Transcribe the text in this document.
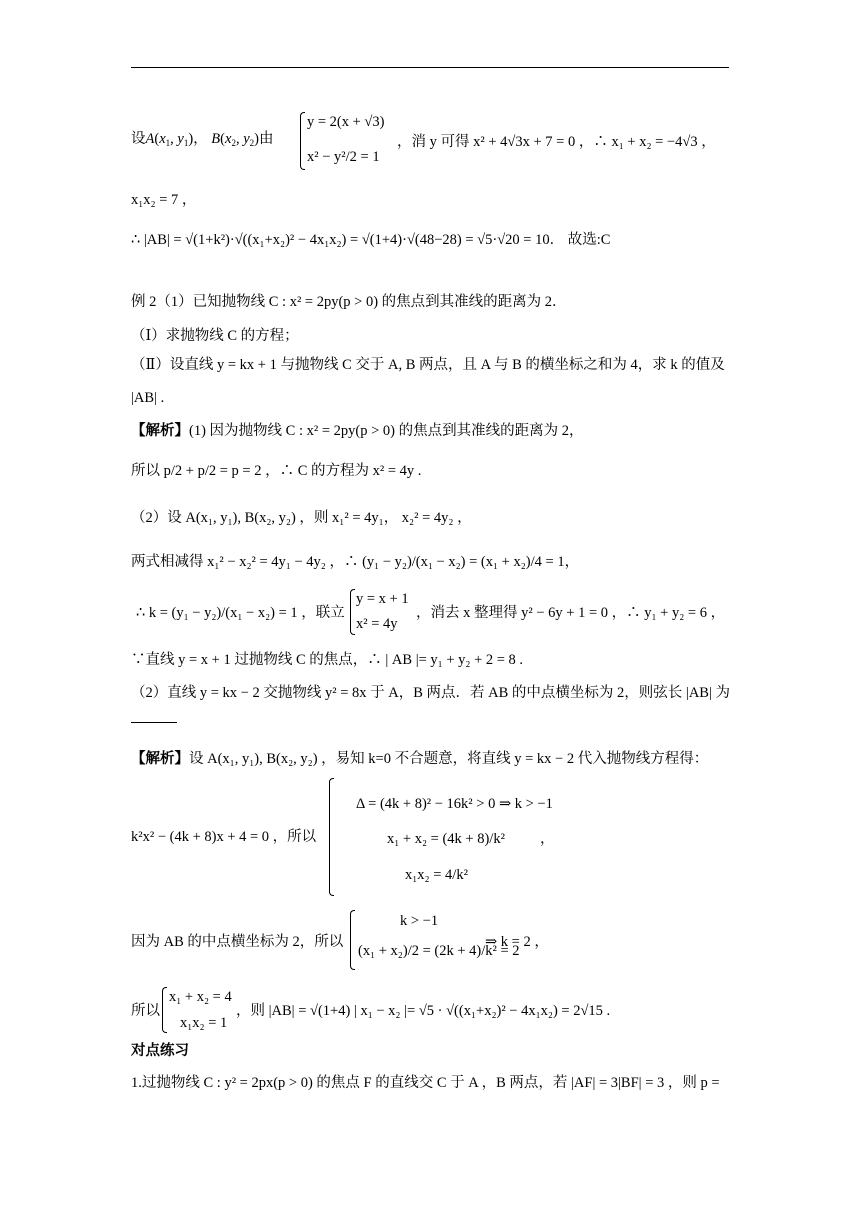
设$A(x_1$, $y_1$)， $B(x_2$, $y_2$)由
y = 2(x + √3)
x² − y²/2 = 1
，消 y 可得 x² + 4√3x + 7 = 0 ，∴ x₁ + x₂ = −4√3 ，
x₁x₂ = 7 ，
∴ |AB| = √(1+k²)·√((x₁+x₂)² − 4x₁x₂) = √(1+4)·√(48−28) = √5·√20 = 10． 故选:C
例 2（1）已知抛物线 C : x² = 2py(p > 0) 的焦点到其准线的距离为 2．
（Ⅰ）求抛物线 C 的方程；
（Ⅱ）设直线 y = kx + 1 与抛物线 C 交于 A, B 两点，且 A 与 B 的横坐标之和为 4，求 k 的值及
|AB| .
【解析】(1) 因为抛物线 C : x² = 2py(p > 0) 的焦点到其准线的距离为 2，
所以 p/2 + p/2 = p = 2 ，∴ C 的方程为 x² = 4y .
（2）设 A(x₁, y₁), B(x₂, y₂) ，则 x₁² = 4y₁， x₂² = 4y₂ ，
两式相减得 x₁² − x₂² = 4y₁ − 4y₂ ，∴ (y₁ − y₂)/(x₁ − x₂) = (x₁ + x₂)/4 = 1，
∴ k = (y₁ − y₂)/(x₁ − x₂) = 1 ，联立
y = x + 1
x² = 4y
，消去 x 整理得 y² − 6y + 1 = 0 ，∴ y₁ + y₂ = 6 ，
∵直线 y = x + 1 过抛物线 C 的焦点，∴ | AB |= y₁ + y₂ + 2 = 8 .
（2）直线 y = kx − 2 交抛物线 y² = 8x 于 A，B 两点．若 AB 的中点横坐标为 2，则弦长 |AB| 为
【解析】设 A(x₁, y₁), B(x₂, y₂) ，易知 k=0 不合题意，将直线 y = kx − 2 代入抛物线方程得：
k²x² − (4k + 8)x + 4 = 0 ，所以
Δ = (4k + 8)² − 16k² > 0 ⇒ k > −1
x₁ + x₂ = (4k + 8)/k²
x₁x₂ = 4/k²
，
因为 AB 的中点横坐标为 2，所以
k > −1
(x₁ + x₂)/2 = (2k + 4)/k² = 2
⇒ k = 2 ，
所以
x₁ + x₂ = 4
x₁x₂ = 1
，则 |AB| = √(1+4) | x₁ − x₂ |= √5 · √((x₁+x₂)² − 4x₁x₂) = 2√15 .
对点练习
1.过抛物线 C : y² = 2px(p > 0) 的焦点 F 的直线交 C 于 A ，B 两点，若 |AF| = 3|BF| = 3 ，则 p =
